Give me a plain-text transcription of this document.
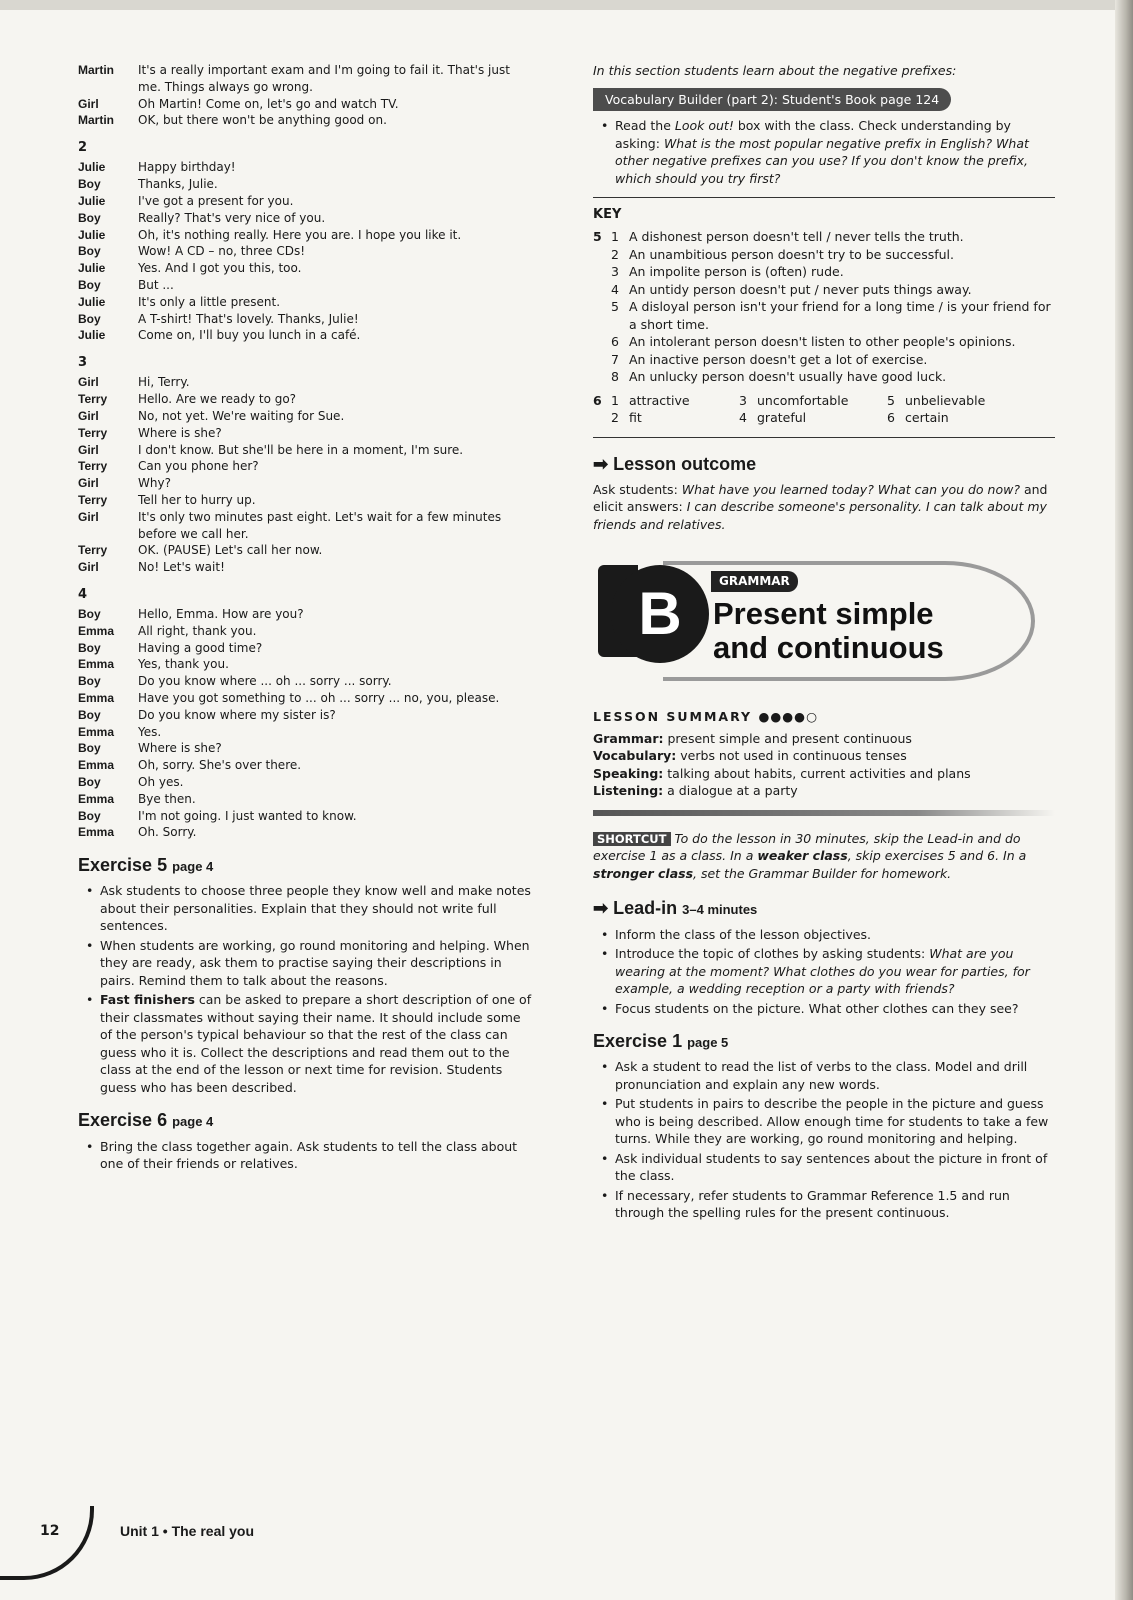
Martin	It's a really important exam and I'm going to fail it. That's just me. Things always go wrong.
Girl	Oh Martin! Come on, let's go and watch TV.
Martin	OK, but there won't be anything good on.
2
Julie	Happy birthday!
Boy	Thanks, Julie.
Julie	I've got a present for you.
Boy	Really? That's very nice of you.
Julie	Oh, it's nothing really. Here you are. I hope you like it.
Boy	Wow! A CD – no, three CDs!
Julie	Yes. And I got you this, too.
Boy	But ...
Julie	It's only a little present.
Boy	A T-shirt! That's lovely. Thanks, Julie!
Julie	Come on, I'll buy you lunch in a café.
3
Girl	Hi, Terry.
Terry	Hello. Are we ready to go?
Girl	No, not yet. We're waiting for Sue.
Terry	Where is she?
Girl	I don't know. But she'll be here in a moment, I'm sure.
Terry	Can you phone her?
Girl	Why?
Terry	Tell her to hurry up.
Girl	It's only two minutes past eight. Let's wait for a few minutes before we call her.
Terry	OK. (PAUSE) Let's call her now.
Girl	No! Let's wait!
4
Boy	Hello, Emma. How are you?
Emma	All right, thank you.
Boy	Having a good time?
Emma	Yes, thank you.
Boy	Do you know where ... oh ... sorry ... sorry.
Emma	Have you got something to ... oh ... sorry ... no, you, please.
Boy	Do you know where my sister is?
Emma	Yes.
Boy	Where is she?
Emma	Oh, sorry. She's over there.
Boy	Oh yes.
Emma	Bye then.
Boy	I'm not going. I just wanted to know.
Emma	Oh. Sorry.
Exercise 5 page 4
• Ask students to choose three people they know well and make notes about their personalities. Explain that they should not write full sentences.
• When students are working, go round monitoring and helping. When they are ready, ask them to practise saying their descriptions in pairs. Remind them to talk about the reasons.
• Fast finishers can be asked to prepare a short description of one of their classmates without saying their name. It should include some of the person's typical behaviour so that the rest of the class can guess who it is. Collect the descriptions and read them out to the class at the end of the lesson or next time for revision. Students guess who has been described.
Exercise 6 page 4
• Bring the class together again. Ask students to tell the class about one of their friends or relatives.
In this section students learn about the negative prefixes:
Vocabulary Builder (part 2): Student's Book page 124
• Read the Look out! box with the class. Check understanding by asking: What is the most popular negative prefix in English? What other negative prefixes can you use? If you don't know the prefix, which should you try first?
KEY
5 1 A dishonest person doesn't tell / never tells the truth.
2 An unambitious person doesn't try to be successful.
3 An impolite person is (often) rude.
4 An untidy person doesn't put / never puts things away.
5 A disloyal person isn't your friend for a long time / is your friend for a short time.
6 An intolerant person doesn't listen to other people's opinions.
7 An inactive person doesn't get a lot of exercise.
8 An unlucky person doesn't usually have good luck.
6 1 attractive	3 uncomfortable	5 unbelievable
2 fit	4 grateful	6 certain
➡ Lesson outcome
Ask students: What have you learned today? What can you do now? and elicit answers: I can describe someone's personality. I can talk about my friends and relatives.
B	GRAMMAR
Present simple
and continuous
LESSON SUMMARY ●●●●○
Grammar: present simple and present continuous
Vocabulary: verbs not used in continuous tenses
Speaking: talking about habits, current activities and plans
Listening: a dialogue at a party
SHORTCUT To do the lesson in 30 minutes, skip the Lead-in and do exercise 1 as a class. In a weaker class, skip exercises 5 and 6. In a stronger class, set the Grammar Builder for homework.
➡ Lead-in 3–4 minutes
• Inform the class of the lesson objectives.
• Introduce the topic of clothes by asking students: What are you wearing at the moment? What clothes do you wear for parties, for example, a wedding reception or a party with friends?
• Focus students on the picture. What other clothes can they see?
Exercise 1 page 5
• Ask a student to read the list of verbs to the class. Model and drill pronunciation and explain any new words.
• Put students in pairs to describe the people in the picture and guess who is being described. Allow enough time for students to take a few turns. While they are working, go round monitoring and helping.
• Ask individual students to say sentences about the picture in front of the class.
• If necessary, refer students to Grammar Reference 1.5 and run through the spelling rules for the present continuous.
12	Unit 1 • The real you
